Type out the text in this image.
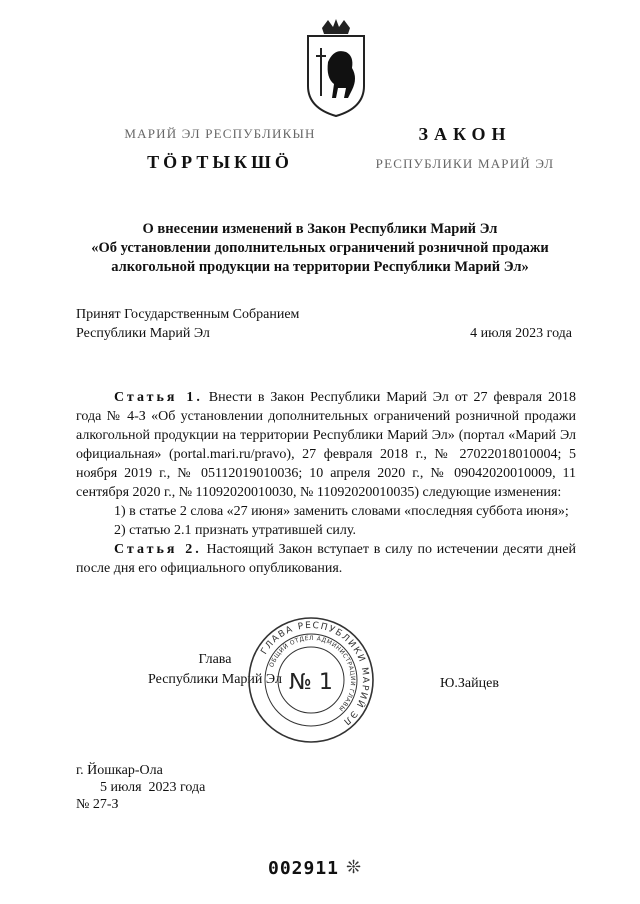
МАРИЙ ЭЛ РЕСПУБЛИКЫН
ТӦРТЫКШӦ
ЗАКОН
РЕСПУБЛИКИ МАРИЙ ЭЛ
О внесении изменений в Закон Республики Марий Эл
«Об установлении дополнительных ограничений розничной продажи
алкогольной продукции на территории Республики Марий Эл»
Принят Государственным Собранием
Республики Марий Эл	4 июля 2023 года

Статья 1. Внести в Закон Республики Марий Эл от 27 февраля 2018 года № 4-З «Об установлении дополнительных ограничений розничной продажи алкогольной продукции на территории Республики Марий Эл» (портал «Марий Эл официальная» (portal.mari.ru/pravo), 27 февраля 2018 г., № 27022018010004; 5 ноября 2019 г., № 05112019010036; 10 апреля 2020 г., № 09042020010009, 11 сентября 2020 г., № 11092020010030, № 11092020010035) следующие изменения:

1) в статье 2 слова «27 июня» заменить словами «последняя суббота июня»;

2) статью 2.1 признать утратившей силу.

Статья 2. Настоящий Закон вступает в силу по истечении десяти дней после дня его официального опубликования.

Глава
Республики Марий Эл	Ю.Зайцев
ГЛАВА РЕСПУБЛИКИ МАРИЙ ЭЛ
ОБЩИЙ ОТДЕЛ АДМИНИСТРАЦИИ ГЛАВЫ
№ 1
г. Йошкар-Ола
5 июля  2023 года
№ 27-З
002911 ❊
